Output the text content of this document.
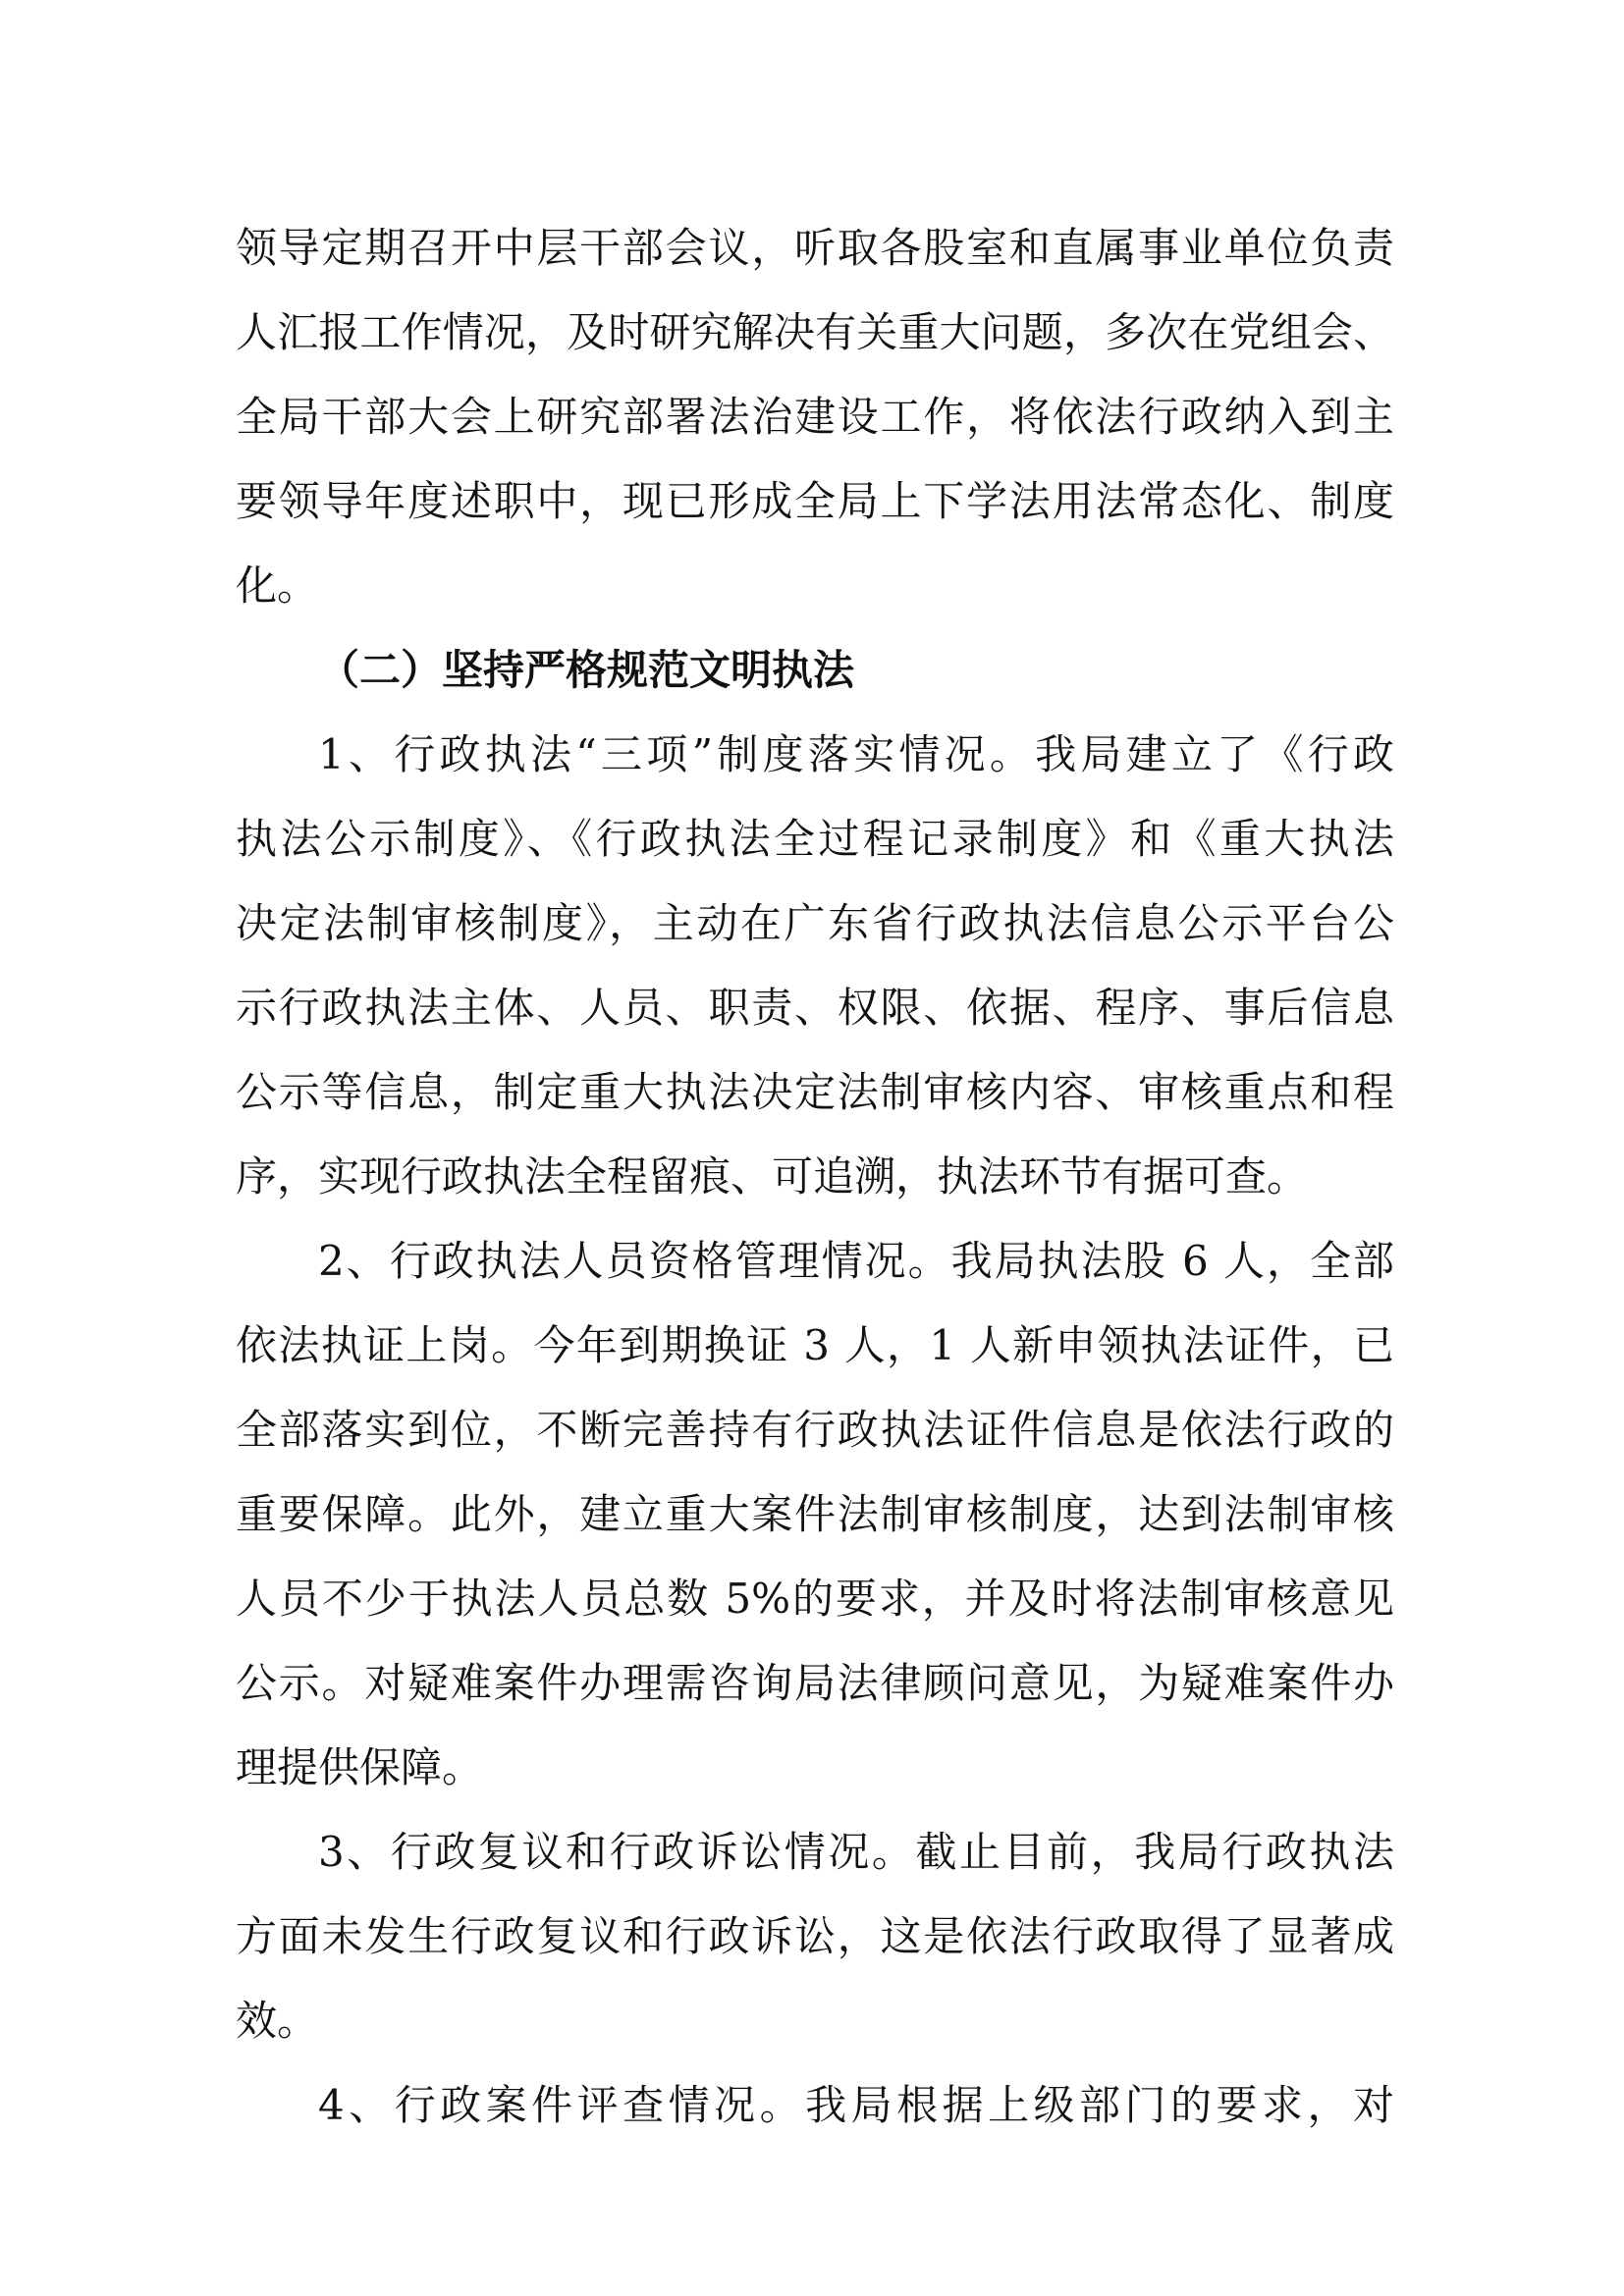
领导定期召开中层干部会议，听取各股室和直属事业单位负责
人汇报工作情况，及时研究解决有关重大问题，多次在党组会、
全局干部大会上研究部署法治建设工作，将依法行政纳入到主
要领导年度述职中，现已形成全局上下学法用法常态化、制度
化。
（二）坚持严格规范文明执法
1、行政执法“三项”制度落实情况。我局建立了《行政
执法公示制度》、《行政执法全过程记录制度》和《重大执法
决定法制审核制度》，主动在广东省行政执法信息公示平台公
示行政执法主体、人员、职责、权限、依据、程序、事后信息
公示等信息，制定重大执法决定法制审核内容、审核重点和程
序，实现行政执法全程留痕、可追溯，执法环节有据可查。
2、行政执法人员资格管理情况。我局执法股 6 人，全部
依法执证上岗。今年到期换证 3 人，1 人新申领执法证件，已
全部落实到位，不断完善持有行政执法证件信息是依法行政的
重要保障。此外，建立重大案件法制审核制度，达到法制审核
人员不少于执法人员总数 5%的要求，并及时将法制审核意见
公示。对疑难案件办理需咨询局法律顾问意见，为疑难案件办
理提供保障。
3、行政复议和行政诉讼情况。截止目前，我局行政执法
方面未发生行政复议和行政诉讼，这是依法行政取得了显著成
效。
4、行政案件评查情况。我局根据上级部门的要求，对
